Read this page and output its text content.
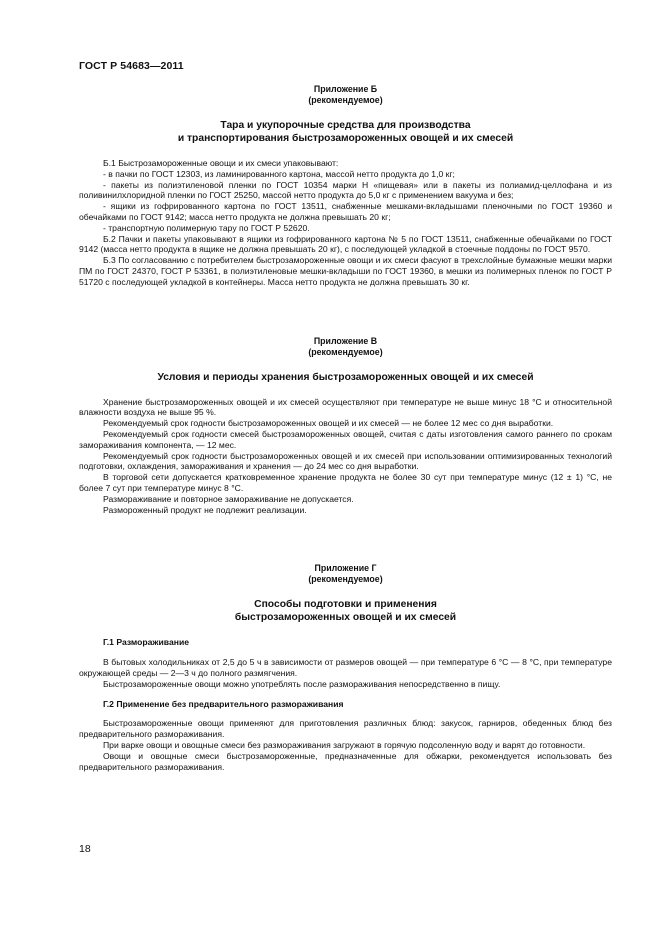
ГОСТ Р 54683—2011
Приложение Б
(рекомендуемое)
Тара и укупорочные средства для производства
и транспортирования быстрозамороженных овощей и их смесей

Б.1 Быстрозамороженные овощи и их смеси упаковывают:

- в пачки по ГОСТ 12303, из ламинированного картона, массой нетто продукта до 1,0 кг;

- пакеты из полиэтиленовой пленки по ГОСТ 10354 марки Н «пищевая» или в пакеты из полиамид-целлофана и из поливинилхлоридной пленки по ГОСТ 25250, массой нетто продукта до 5,0 кг с применением вакуума и без;

- ящики из гофрированного картона по ГОСТ 13511, снабженные мешками-вкладышами пленочными по ГОСТ 19360 и обечайками по ГОСТ 9142; масса нетто продукта не должна превышать 20 кг;

- транспортную полимерную тару по ГОСТ Р 52620.

Б.2 Пачки и пакеты упаковывают в ящики из гофрированного картона № 5 по ГОСТ 13511, снабженные обечайками по ГОСТ 9142 (масса нетто продукта в ящике не должна превышать 20 кг), с последующей укладкой в стоечные поддоны по ГОСТ 9570.

Б.3 По согласованию с потребителем быстрозамороженные овощи и их смеси фасуют в трехслойные бумажные мешки марки ПМ по ГОСТ 24370, ГОСТ Р 53361, в полиэтиленовые мешки-вкладыши по ГОСТ 19360, в мешки из полимерных пленок по ГОСТ Р 51720 с последующей укладкой в контейнеры. Масса нетто продукта не должна превышать 30 кг.

Приложение В
(рекомендуемое)
Условия и периоды хранения быстрозамороженных овощей и их смесей

Хранение быстрозамороженных овощей и их смесей осуществляют при температуре не выше минус 18 °С и относительной влажности воздуха не выше 95 %.

Рекомендуемый срок годности быстрозамороженных овощей и их смесей — не более 12 мес со дня выработки.

Рекомендуемый срок годности смесей быстрозамороженных овощей, считая с даты изготовления самого раннего по срокам замораживания компонента, — 12 мес.

Рекомендуемый срок годности быстрозамороженных овощей и их смесей при использовании оптимизированных технологий подготовки, охлаждения, замораживания и хранения — до 24 мес со дня выработки.

В торговой сети допускается кратковременное хранение продукта не более 30 сут при температуре минус (12 ± 1) °С, не более 7 сут при температуре минус 8 °С.

Размораживание и повторное замораживание не допускается.

Размороженный продукт не подлежит реализации.

Приложение Г
(рекомендуемое)
Способы подготовки и применения
быстрозамороженных овощей и их смесей
Г.1 Размораживание

В бытовых холодильниках от 2,5 до 5 ч в зависимости от размеров овощей — при температуре 6 °С — 8 °С, при температуре окружающей среды — 2—3 ч до полного размягчения.

Быстрозамороженные овощи можно употреблять после размораживания непосредственно в пищу.

Г.2 Применение без предварительного размораживания

Быстрозамороженные овощи применяют для приготовления различных блюд: закусок, гарниров, обеденных блюд без предварительного размораживания.

При варке овощи и овощные смеси без размораживания загружают в горячую подсоленную воду и варят до готовности.

Овощи и овощные смеси быстрозамороженные, предназначенные для обжарки, рекомендуется использовать без предварительного размораживания.

18
